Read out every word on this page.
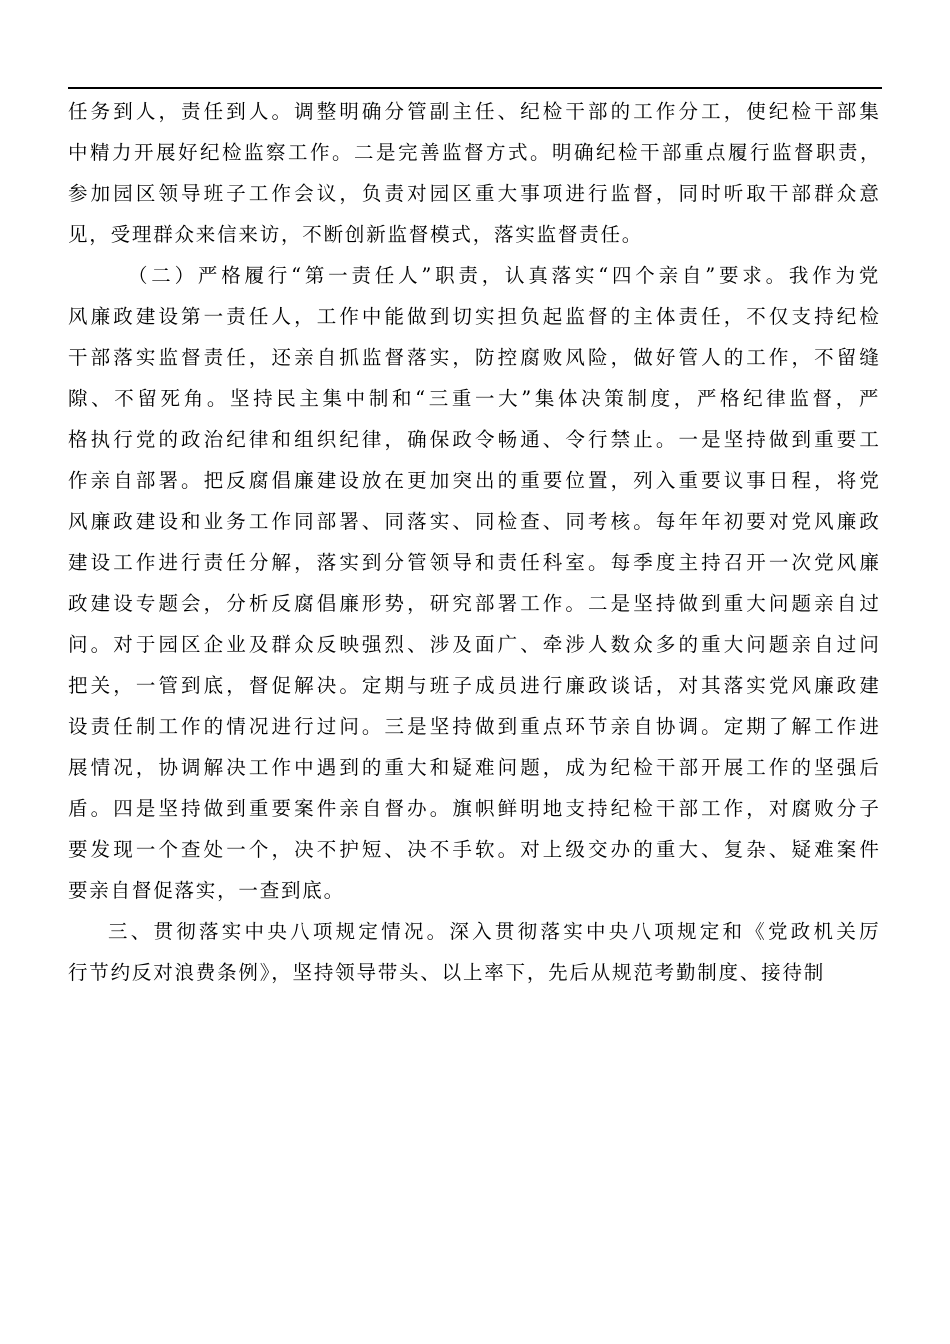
任务到人，责任到人。调整明确分管副主任、纪检干部的工作分工，使纪检干部集
中精力开展好纪检监察工作。二是完善监督方式。明确纪检干部重点履行监督职责，
参加园区领导班子工作会议，负责对园区重大事项进行监督，同时听取干部群众意
见，受理群众来信来访，不断创新监督模式，落实监督责任。
（二）严格履行“第一责任人”职责，认真落实“四个亲自”要求。我作为党
风廉政建设第一责任人，工作中能做到切实担负起监督的主体责任，不仅支持纪检
干部落实监督责任，还亲自抓监督落实，防控腐败风险，做好管人的工作，不留缝
隙、不留死角。坚持民主集中制和“三重一大”集体决策制度，严格纪律监督，严
格执行党的政治纪律和组织纪律，确保政令畅通、令行禁止。一是坚持做到重要工
作亲自部署。把反腐倡廉建设放在更加突出的重要位置，列入重要议事日程，将党
风廉政建设和业务工作同部署、同落实、同检查、同考核。每年年初要对党风廉政
建设工作进行责任分解，落实到分管领导和责任科室。每季度主持召开一次党风廉
政建设专题会，分析反腐倡廉形势，研究部署工作。二是坚持做到重大问题亲自过
问。对于园区企业及群众反映强烈、涉及面广、牵涉人数众多的重大问题亲自过问
把关，一管到底，督促解决。定期与班子成员进行廉政谈话，对其落实党风廉政建
设责任制工作的情况进行过问。三是坚持做到重点环节亲自协调。定期了解工作进
展情况，协调解决工作中遇到的重大和疑难问题，成为纪检干部开展工作的坚强后
盾。四是坚持做到重要案件亲自督办。旗帜鲜明地支持纪检干部工作，对腐败分子
要发现一个查处一个，决不护短、决不手软。对上级交办的重大、复杂、疑难案件
要亲自督促落实，一查到底。
三、贯彻落实中央八项规定情况。深入贯彻落实中央八项规定和《党政机关厉
行节约反对浪费条例》，坚持领导带头、以上率下，先后从规范考勤制度、接待制
